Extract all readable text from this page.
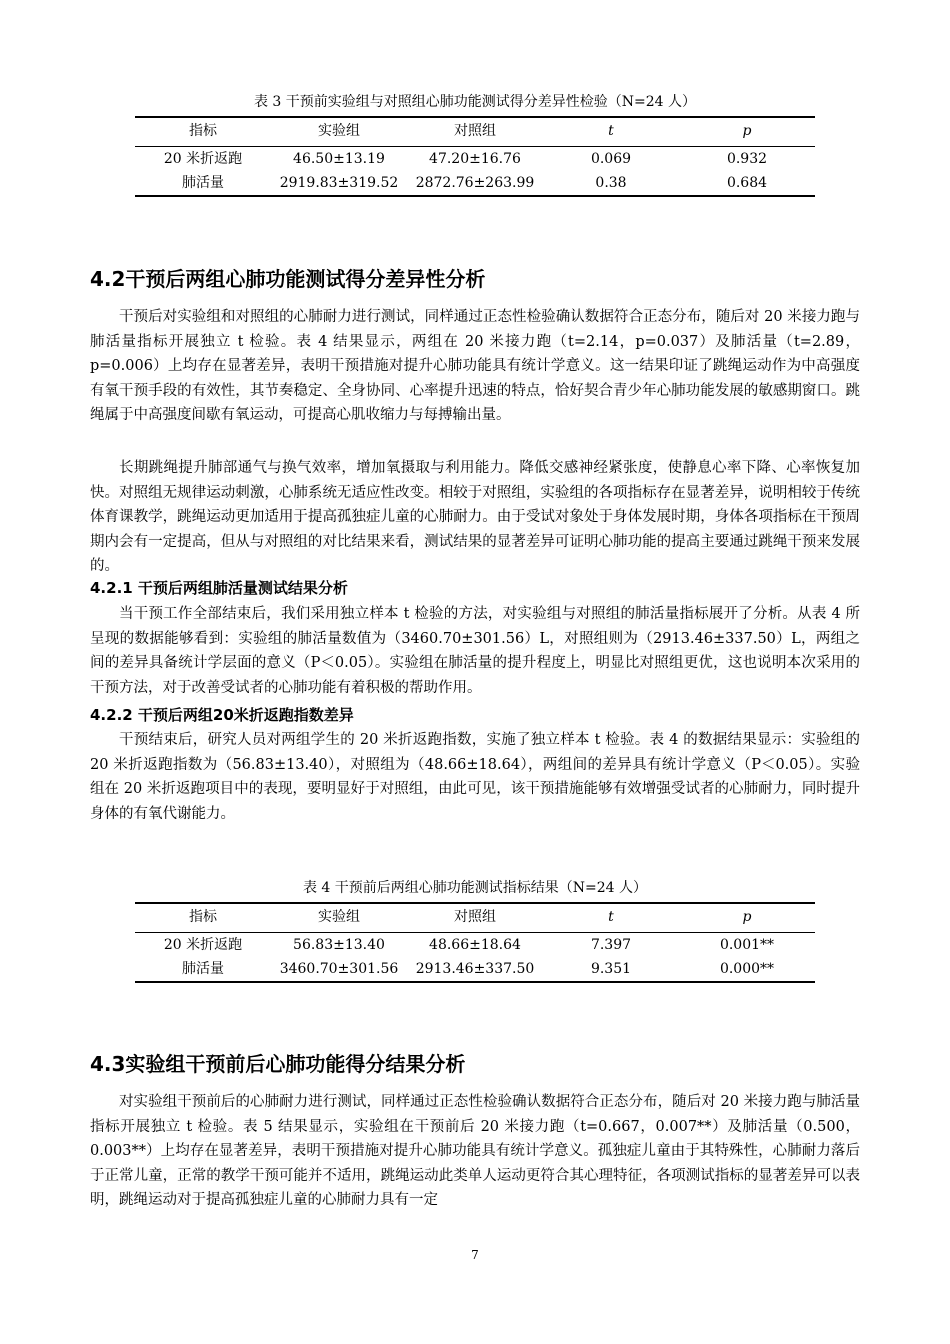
表 3 干预前实验组与对照组心肺功能测试得分差异性检验（N=24 人）
指标	实验组	对照组	t	p
20 米折返跑	46.50±13.19	47.20±16.76	0.069	0.932
肺活量	2919.83±319.52	2872.76±263.99	0.38	0.684
4.2干预后两组心肺功能测试得分差异性分析
干预后对实验组和对照组的心肺耐力进行测试，同样通过正态性检验确认数据符合正态分布，随后对 20 米接力跑与肺活量指标开展独立 t 检验。表 4 结果显示，两组在 20 米接力跑（t=2.14，p=0.037）及肺活量（t=2.89，p=0.006）上均存在显著差异，表明干预措施对提升心肺功能具有统计学意义。这一结果印证了跳绳运动作为中高强度有氧干预手段的有效性，其节奏稳定、全身协同、心率提升迅速的特点，恰好契合青少年心肺功能发展的敏感期窗口。跳绳属于中高强度间歇有氧运动，可提高心肌收缩力与每搏输出量。
长期跳绳提升肺部通气与换气效率，增加氧摄取与利用能力。降低交感神经紧张度，使静息心率下降、心率恢复加快。对照组无规律运动刺激，心肺系统无适应性改变。相较于对照组，实验组的各项指标存在显著差异，说明相较于传统体育课教学，跳绳运动更加适用于提高孤独症儿童的心肺耐力。由于受试对象处于身体发展时期，身体各项指标在干预周期内会有一定提高，但从与对照组的对比结果来看，测试结果的显著差异可证明心肺功能的提高主要通过跳绳干预来发展的。
4.2.1 干预后两组肺活量测试结果分析
当干预工作全部结束后，我们采用独立样本 t 检验的方法，对实验组与对照组的肺活量指标展开了分析。从表 4 所呈现的数据能够看到：实验组的肺活量数值为（3460.70±301.56）L，对照组则为（2913.46±337.50）L，两组之间的差异具备统计学层面的意义（P＜0.05）。实验组在肺活量的提升程度上，明显比对照组更优，这也说明本次采用的干预方法，对于改善受试者的心肺功能有着积极的帮助作用。
4.2.2 干预后两组20米折返跑指数差异
干预结束后，研究人员对两组学生的 20 米折返跑指数，实施了独立样本 t 检验。表 4 的数据结果显示：实验组的 20 米折返跑指数为（56.83±13.40），对照组为（48.66±18.64），两组间的差异具有统计学意义（P＜0.05）。实验组在 20 米折返跑项目中的表现，要明显好于对照组，由此可见，该干预措施能够有效增强受试者的心肺耐力，同时提升身体的有氧代谢能力。
表 4 干预前后两组心肺功能测试指标结果（N=24 人）
指标	实验组	对照组	t	p
20 米折返跑	56.83±13.40	48.66±18.64	7.397	0.001**
肺活量	3460.70±301.56	2913.46±337.50	9.351	0.000**
4.3实验组干预前后心肺功能得分结果分析
对实验组干预前后的心肺耐力进行测试，同样通过正态性检验确认数据符合正态分布，随后对 20 米接力跑与肺活量指标开展独立 t 检验。表 5 结果显示，实验组在干预前后 20 米接力跑（t=0.667，0.007**）及肺活量（0.500，0.003**）上均存在显著差异，表明干预措施对提升心肺功能具有统计学意义。孤独症儿童由于其特殊性，心肺耐力落后于正常儿童，正常的教学干预可能并不适用，跳绳运动此类单人运动更符合其心理特征，各项测试指标的显著差异可以表明，跳绳运动对于提高孤独症儿童的心肺耐力具有一定
7
